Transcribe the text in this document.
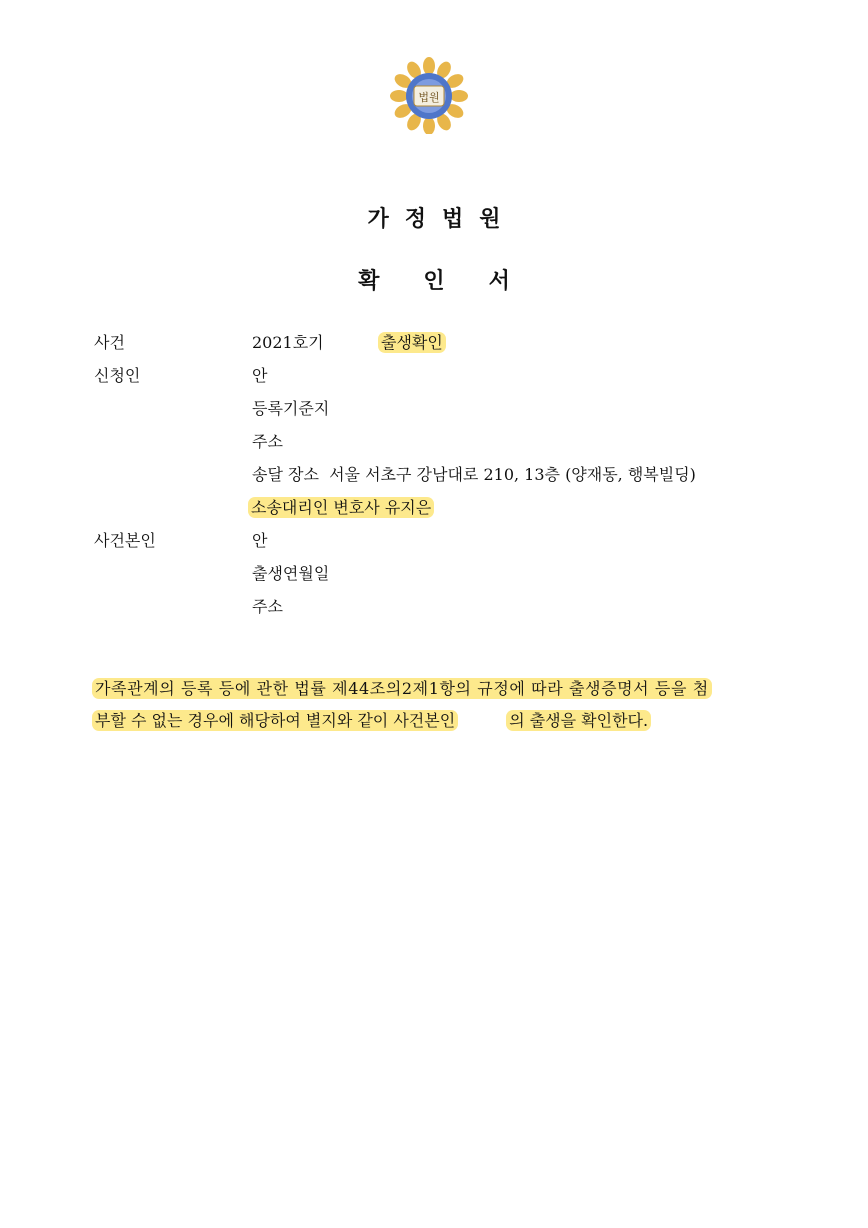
법원
가정법원
확인서
사건	2021호기	출생확인
신청인	안
등록기준지
주소
송달 장소 서울 서초구 강남대로 210, 13층 (양재동, 행복빌딩)
소송대리인 변호사 유지은
사건본인	안
출생연월일
주소
가족관계의 등록 등에 관한 법률 제44조의2제1항의 규정에 따라 출생증명서 등을 첨
부할 수 없는 경우에 해당하여 별지와 같이 사건본인	의 출생을 확인한다.
